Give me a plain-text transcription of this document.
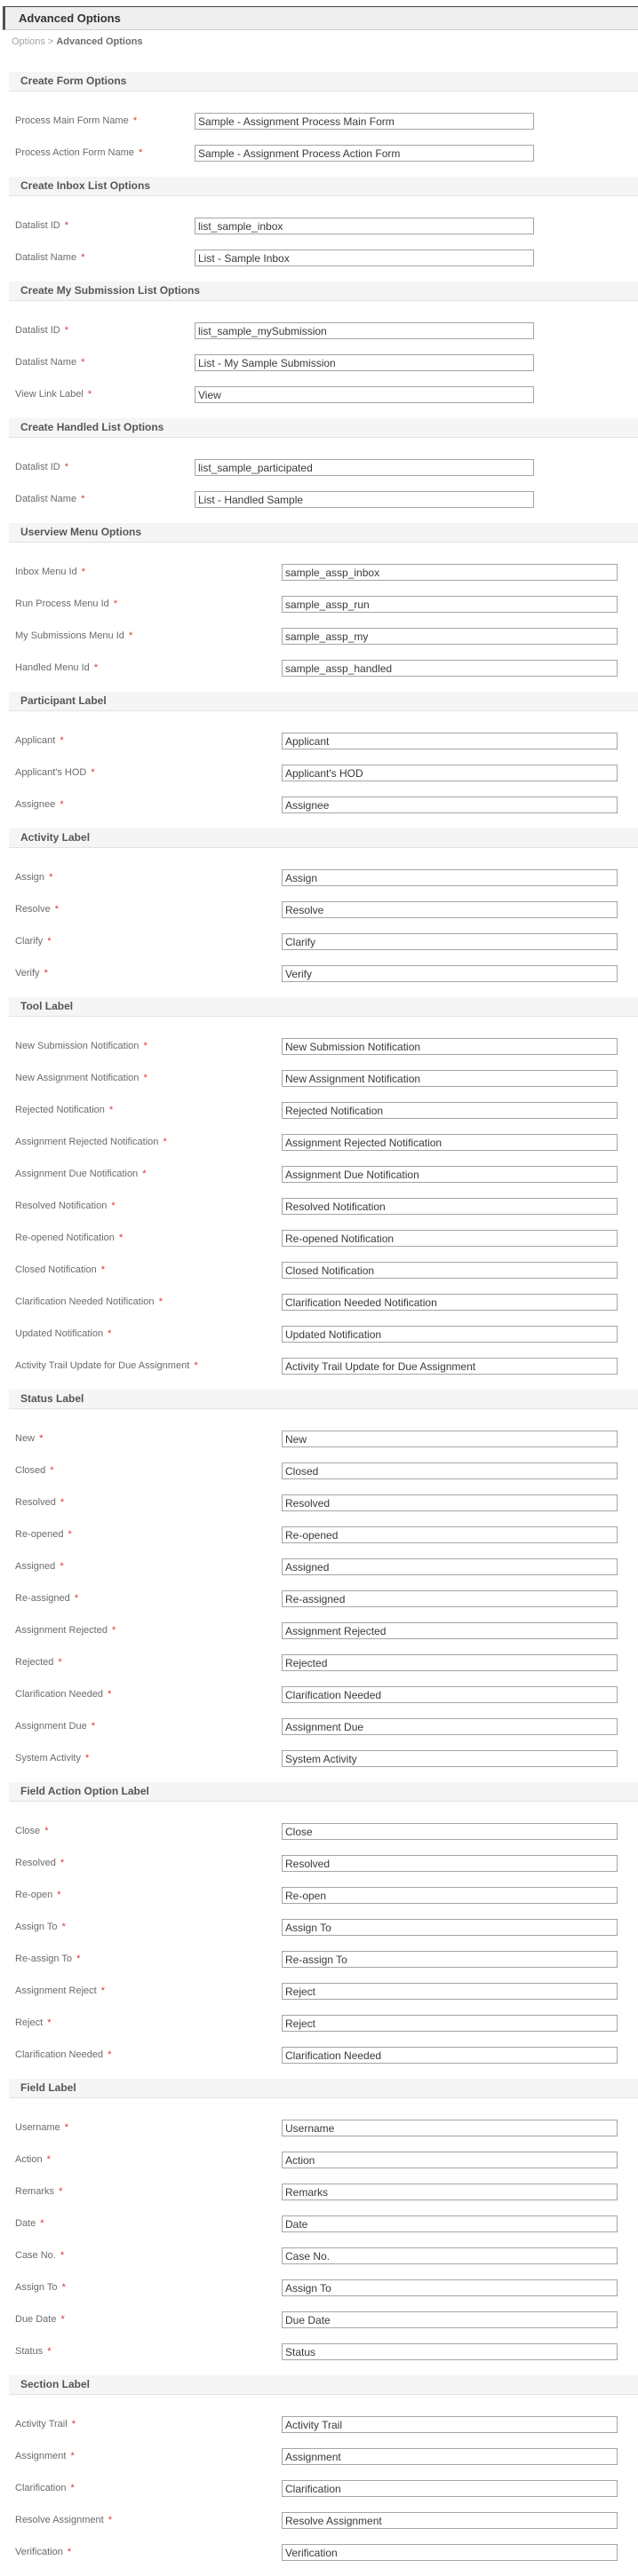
Advanced Options
Options > Advanced Options
Create Form Options
Process Main Form Name *
Sample - Assignment Process Main Form
Process Action Form Name *
Sample - Assignment Process Action Form
Create Inbox List Options
Datalist ID *
list_sample_inbox
Datalist Name *
List - Sample Inbox
Create My Submission List Options
Datalist ID *
list_sample_mySubmission
Datalist Name *
List - My Sample Submission
View Link Label *
View
Create Handled List Options
Datalist ID *
list_sample_participated
Datalist Name *
List - Handled Sample
Userview Menu Options
Inbox Menu Id *
sample_assp_inbox
Run Process Menu Id *
sample_assp_run
My Submissions Menu Id *
sample_assp_my
Handled Menu Id *
sample_assp_handled
Participant Label
Applicant *
Applicant
Applicant's HOD *
Applicant's HOD
Assignee *
Assignee
Activity Label
Assign *
Assign
Resolve *
Resolve
Clarify *
Clarify
Verify *
Verify
Tool Label
New Submission Notification *
New Submission Notification
New Assignment Notification *
New Assignment Notification
Rejected Notification *
Rejected Notification
Assignment Rejected Notification *
Assignment Rejected Notification
Assignment Due Notification *
Assignment Due Notification
Resolved Notification *
Resolved Notification
Re-opened Notification *
Re-opened Notification
Closed Notification *
Closed Notification
Clarification Needed Notification *
Clarification Needed Notification
Updated Notification *
Updated Notification
Activity Trail Update for Due Assignment *
Activity Trail Update for Due Assignment
Status Label
New *
New
Closed *
Closed
Resolved *
Resolved
Re-opened *
Re-opened
Assigned *
Assigned
Re-assigned *
Re-assigned
Assignment Rejected *
Assignment Rejected
Rejected *
Rejected
Clarification Needed *
Clarification Needed
Assignment Due *
Assignment Due
System Activity *
System Activity
Field Action Option Label
Close *
Close
Resolved *
Resolved
Re-open *
Re-open
Assign To *
Assign To
Re-assign To *
Re-assign To
Assignment Reject *
Reject
Reject *
Reject
Clarification Needed *
Clarification Needed
Field Label
Username *
Username
Action *
Action
Remarks *
Remarks
Date *
Date
Case No. *
Case No.
Assign To *
Assign To
Due Date *
Due Date
Status *
Status
Section Label
Activity Trail *
Activity Trail
Assignment *
Assignment
Clarification *
Clarification
Resolve Assignment *
Resolve Assignment
Verification *
Verification
